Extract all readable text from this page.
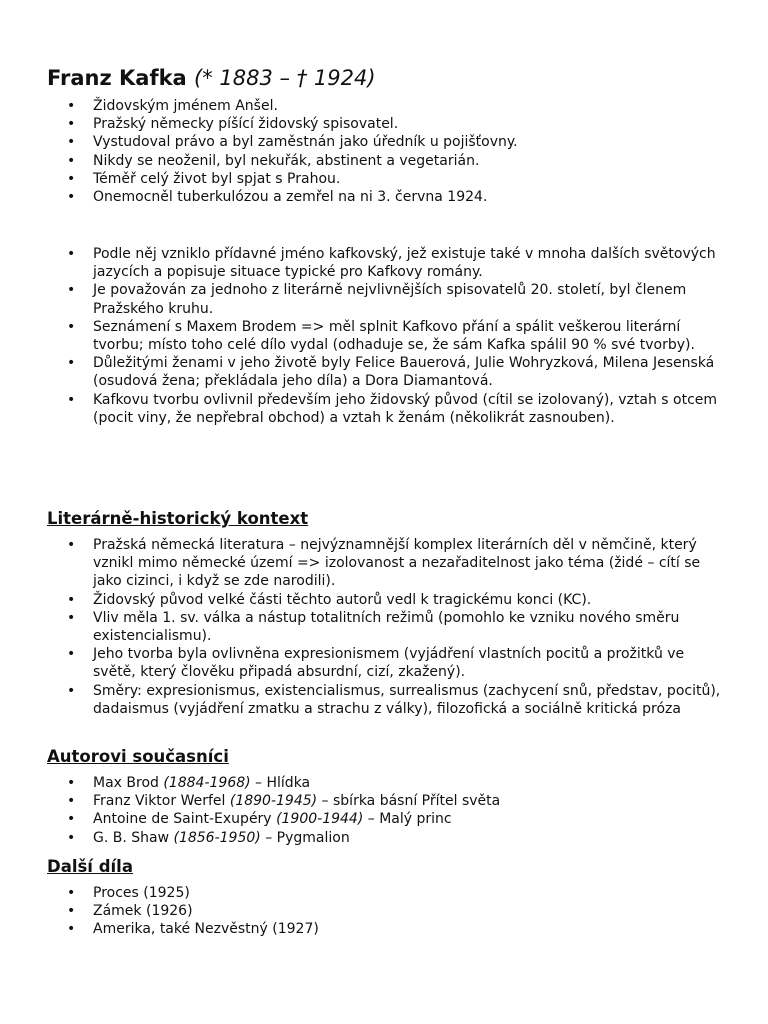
Franz Kafka (* 1883 – † 1924)
• Židovským jménem Anšel.
• Pražský německy píšící židovský spisovatel.
• Vystudoval právo a byl zaměstnán jako úředník u pojišťovny.
• Nikdy se neoženil, byl nekuřák, abstinent a vegetarián.
• Téměř celý život byl spjat s Prahou.
• Onemocněl tuberkulózou a zemřel na ni 3. června 1924.
• Podle něj vzniklo přídavné jméno kafkovský, jež existuje také v mnoha dalších světových jazycích a popisuje situace typické pro Kafkovy romány.
• Je považován za jednoho z literárně nejvlivnějších spisovatelů 20. století, byl členem Pražského kruhu.
• Seznámení s Maxem Brodem => měl splnit Kafkovo přání a spálit veškerou literární tvorbu; místo toho celé dílo vydal (odhaduje se, že sám Kafka spálil 90 % své tvorby).
• Důležitými ženami v jeho životě byly Felice Bauerová, Julie Wohryzková, Milena Jesenská (osudová žena; překládala jeho díla) a Dora Diamantová.
• Kafkovu tvorbu ovlivnil především jeho židovský původ (cítil se izolovaný), vztah s otcem (pocit viny, že nepřebral obchod) a vztah k ženám (několikrát zasnouben).
Literárně-historický kontext
• Pražská německá literatura – nejvýznamnější komplex literárních děl v němčině, který vznikl mimo německé území => izolovanost a nezařaditelnost jako téma (židé – cítí se jako cizinci, i když se zde narodili).
• Židovský původ velké části těchto autorů vedl k tragickému konci (KC).
• Vliv měla 1. sv. válka a nástup totalitních režimů (pomohlo ke vzniku nového směru existencialismu).
• Jeho tvorba byla ovlivněna expresionismem (vyjádření vlastních pocitů a prožitků ve světě, který člověku připadá absurdní, cizí, zkažený).
• Směry: expresionismus, existencialismus, surrealismus (zachycení snů, představ, pocitů), dadaismus (vyjádření zmatku a strachu z války), filozofická a sociálně kritická próza
Autorovi současníci
• Max Brod (1884-1968) – Hlídka
• Franz Viktor Werfel (1890-1945) – sbírka básní Přítel světa
• Antoine de Saint-Exupéry (1900-1944) – Malý princ
• G. B. Shaw (1856-1950) – Pygmalion
Další díla
• Proces (1925)
• Zámek (1926)
• Amerika, také Nezvěstný (1927)
